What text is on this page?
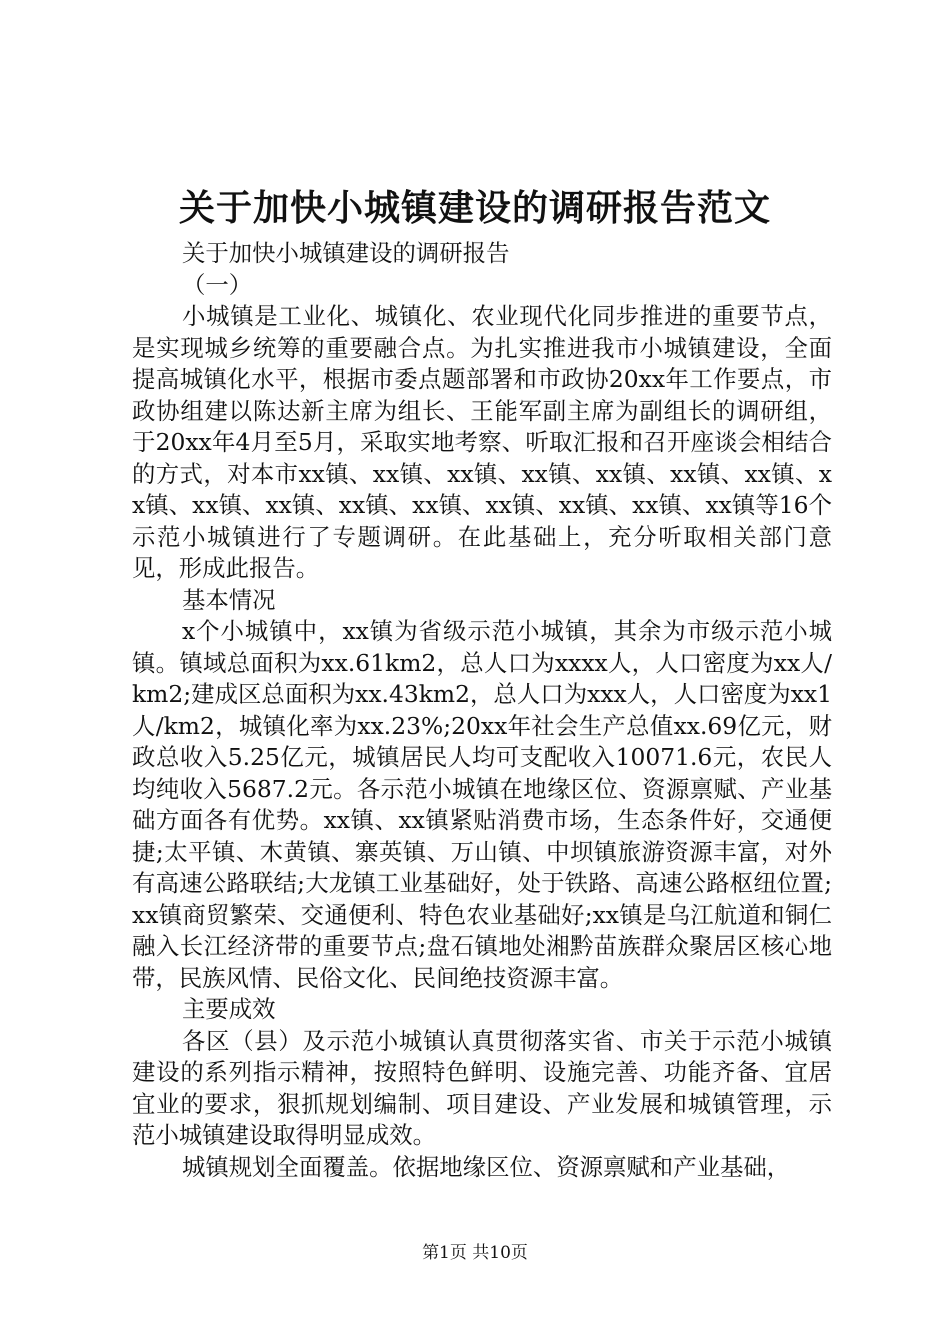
关于加快小城镇建设的调研报告范文

关于加快小城镇建设的调研报告

（一）

小城镇是工业化、城镇化、农业现代化同步推进的重要节点，是实现城乡统筹的重要融合点。为扎实推进我市小城镇建设，全面提高城镇化水平，根据市委点题部署和市政协20xx年工作要点，市政协组建以陈达新主席为组长、王能军副主席为副组长的调研组，于20xx年4月至5月，采取实地考察、听取汇报和召开座谈会相结合的方式，对本市xx镇、xx镇、xx镇、xx镇、xx镇、xx镇、xx镇、xx镇、xx镇、xx镇、xx镇、xx镇、xx镇、xx镇、xx镇、xx镇等16个示范小城镇进行了专题调研。在此基础上，充分听取相关部门意见，形成此报告。

基本情况

x个小城镇中，xx镇为省级示范小城镇，其余为市级示范小城镇。镇域总面积为xx.61km2，总人口为xxxx人，人口密度为xx人/km2;建成区总面积为xx.43km2，总人口为xxx人，人口密度为xx1人/km2，城镇化率为xx.23%;20xx年社会生产总值xx.69亿元，财政总收入5.25亿元，城镇居民人均可支配收入10071.6元，农民人均纯收入5687.2元。各示范小城镇在地缘区位、资源禀赋、产业基础方面各有优势。xx镇、xx镇紧贴消费市场，生态条件好，交通便捷;太平镇、木黄镇、寨英镇、万山镇、中坝镇旅游资源丰富，对外有高速公路联结;大龙镇工业基础好，处于铁路、高速公路枢纽位置;xx镇商贸繁荣、交通便利、特色农业基础好;xx镇是乌江航道和铜仁融入长江经济带的重要节点;盘石镇地处湘黔苗族群众聚居区核心地带，民族风情、民俗文化、民间绝技资源丰富。

主要成效

各区（县）及示范小城镇认真贯彻落实省、市关于示范小城镇建设的系列指示精神，按照特色鲜明、设施完善、功能齐备、宜居宜业的要求，狠抓规划编制、项目建设、产业发展和城镇管理，示范小城镇建设取得明显成效。

城镇规划全面覆盖。依据地缘区位、资源禀赋和产业基础，

第1页 共10页
